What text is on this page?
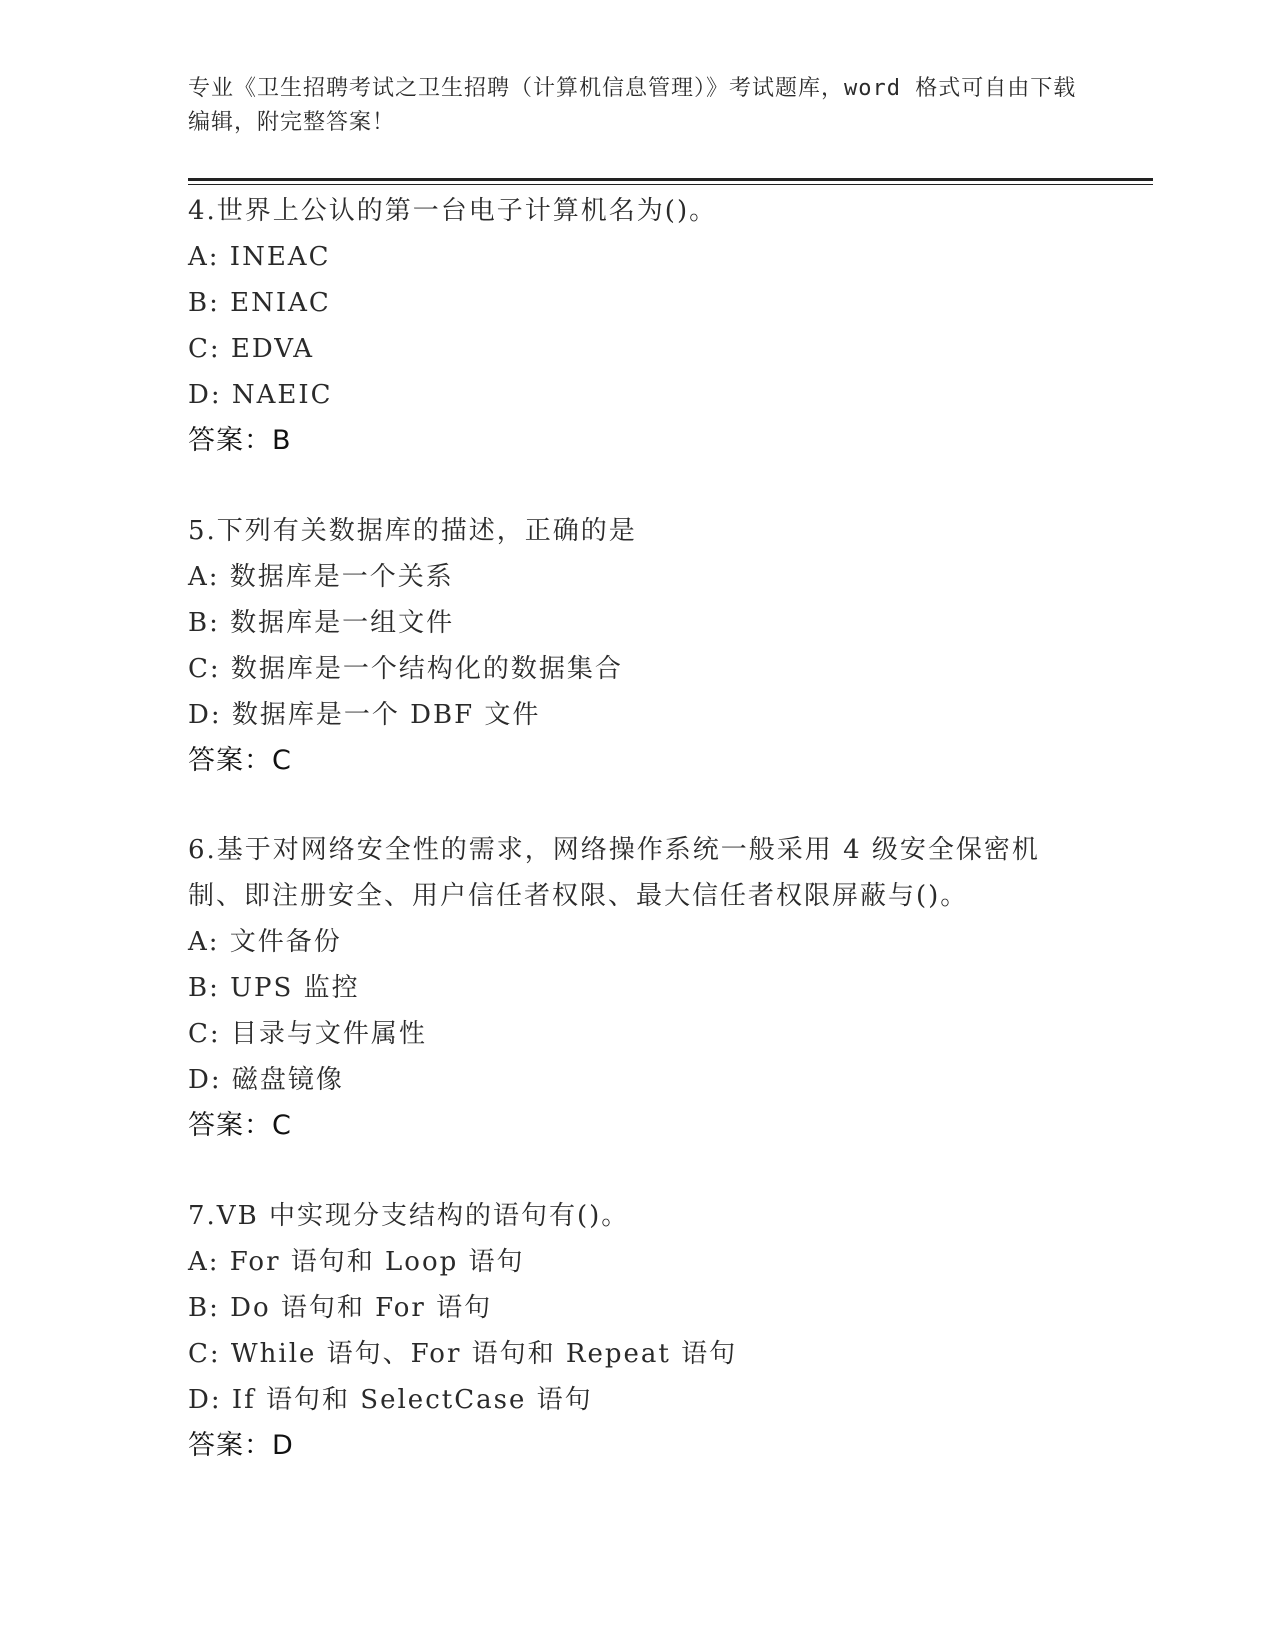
专业《卫生招聘考试之卫生招聘（计算机信息管理）》考试题库，word 格式可自由下载编辑，附完整答案！
4.世界上公认的第一台电子计算机名为()。
A: INEAC
B: ENIAC
C: EDVA
D: NAEIC
答案：B
5.下列有关数据库的描述，正确的是
A: 数据库是一个关系
B: 数据库是一组文件
C: 数据库是一个结构化的数据集合
D: 数据库是一个 DBF 文件
答案：C
6.基于对网络安全性的需求，网络操作系统一般采用 4 级安全保密机制、即注册安全、用户信任者权限、最大信任者权限屏蔽与()。
A: 文件备份
B: UPS 监控
C: 目录与文件属性
D: 磁盘镜像
答案：C
7.VB 中实现分支结构的语句有()。
A: For 语句和 Loop 语句
B: Do 语句和 For 语句
C: While 语句、For 语句和 Repeat 语句
D: If 语句和 SelectCase 语句
答案：D
